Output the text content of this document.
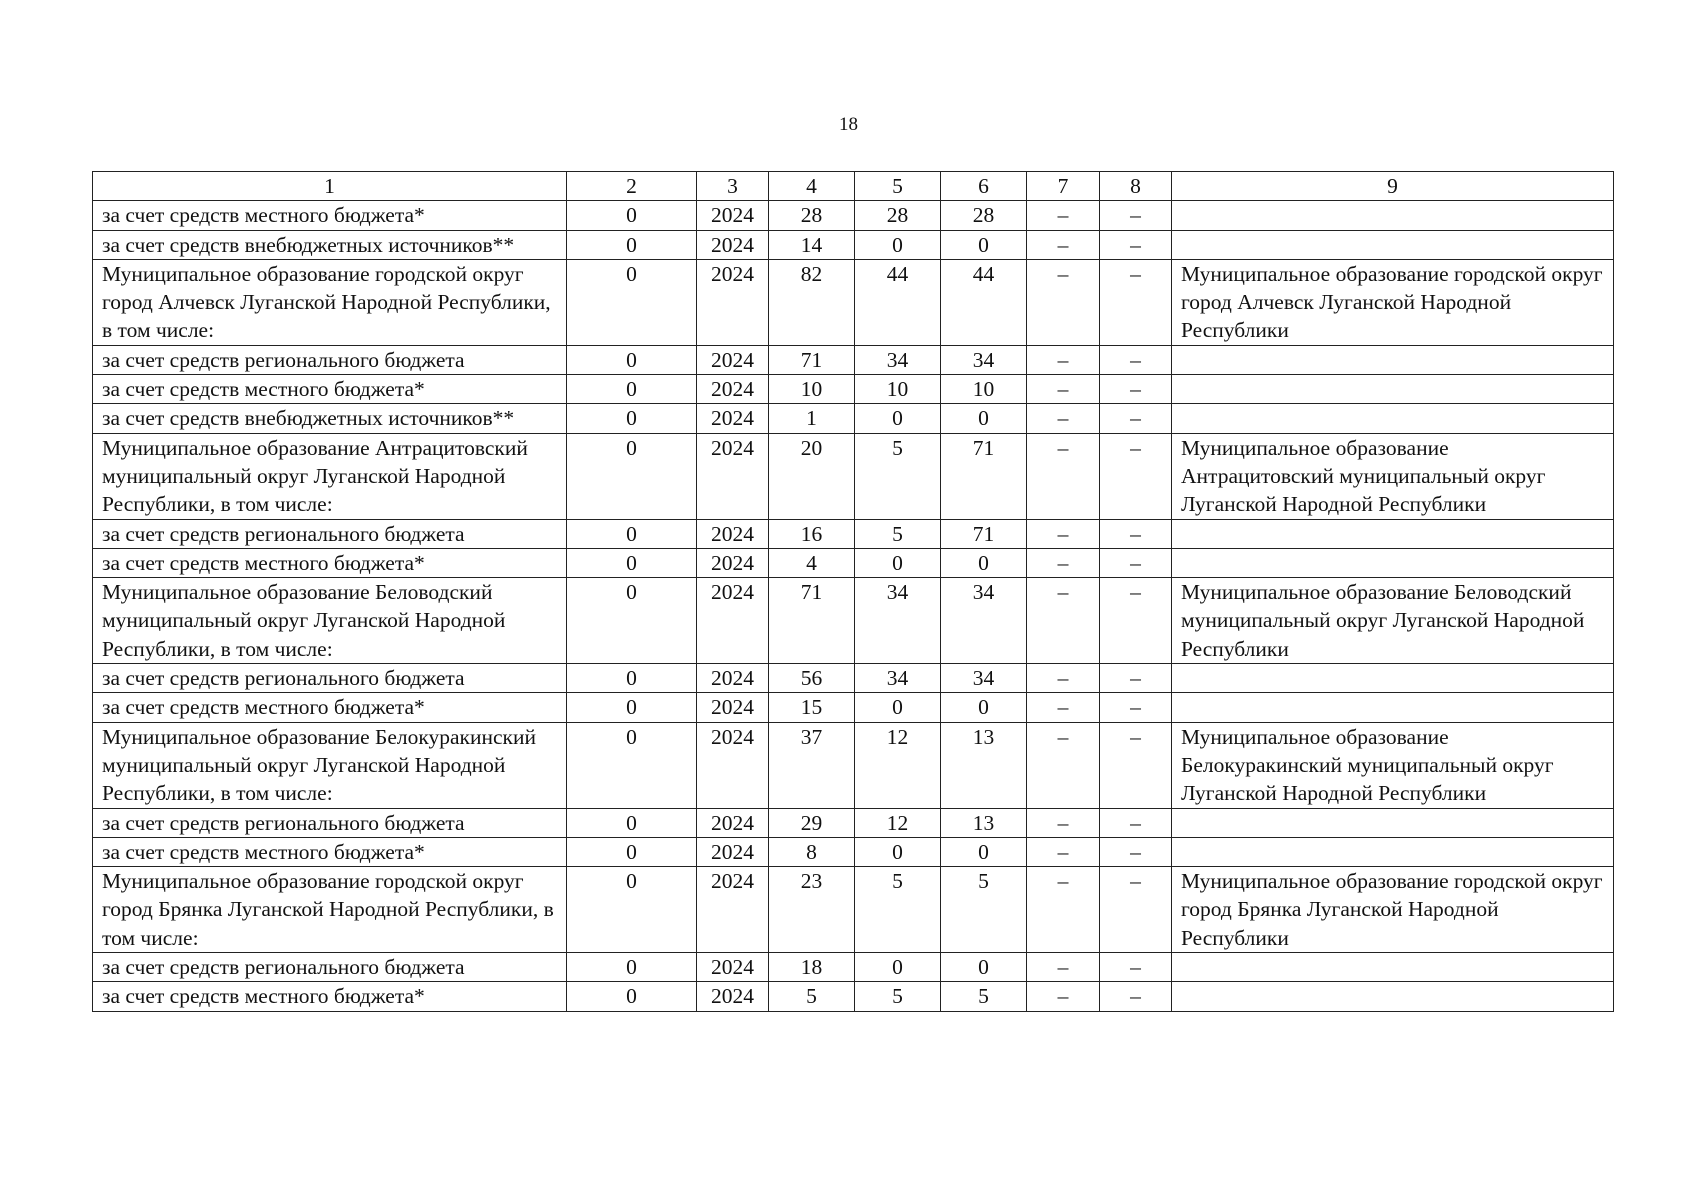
18
1	2	3	4	5	6	7	8	9
за счет средств местного бюджета*	0	2024	28	28	28	–	–	
за счет средств внебюджетных источников**	0	2024	14	0	0	–	–	
Муниципальное образование городской округ город Алчевск Луганской Народной Республики, в том числе:	0	2024	82	44	44	–	–	Муниципальное образование городской округ город Алчевск Луганской Народной Республики
за счет средств регионального бюджета	0	2024	71	34	34	–	–	
за счет средств местного бюджета*	0	2024	10	10	10	–	–	
за счет средств внебюджетных источников**	0	2024	1	0	0	–	–	
Муниципальное образование Антрацитовский муниципальный округ Луганской Народной Республики, в том числе:	0	2024	20	5	71	–	–	Муниципальное образование Антрацитовский муниципальный округ Луганской Народной Республики
за счет средств регионального бюджета	0	2024	16	5	71	–	–	
за счет средств местного бюджета*	0	2024	4	0	0	–	–	
Муниципальное образование Беловодский муниципальный округ Луганской Народной Республики, в том числе:	0	2024	71	34	34	–	–	Муниципальное образование Беловодский муниципальный округ Луганской Народной Республики
за счет средств регионального бюджета	0	2024	56	34	34	–	–	
за счет средств местного бюджета*	0	2024	15	0	0	–	–	
Муниципальное образование Белокуракинский муниципальный округ Луганской Народной Республики, в том числе:	0	2024	37	12	13	–	–	Муниципальное образование Белокуракинский муниципальный округ Луганской Народной Республики
за счет средств регионального бюджета	0	2024	29	12	13	–	–	
за счет средств местного бюджета*	0	2024	8	0	0	–	–	
Муниципальное образование городской округ город Брянка Луганской Народной Республики, в том числе:	0	2024	23	5	5	–	–	Муниципальное образование городской округ город Брянка Луганской Народной Республики
за счет средств регионального бюджета	0	2024	18	0	0	–	–	
за счет средств местного бюджета*	0	2024	5	5	5	–	–	
